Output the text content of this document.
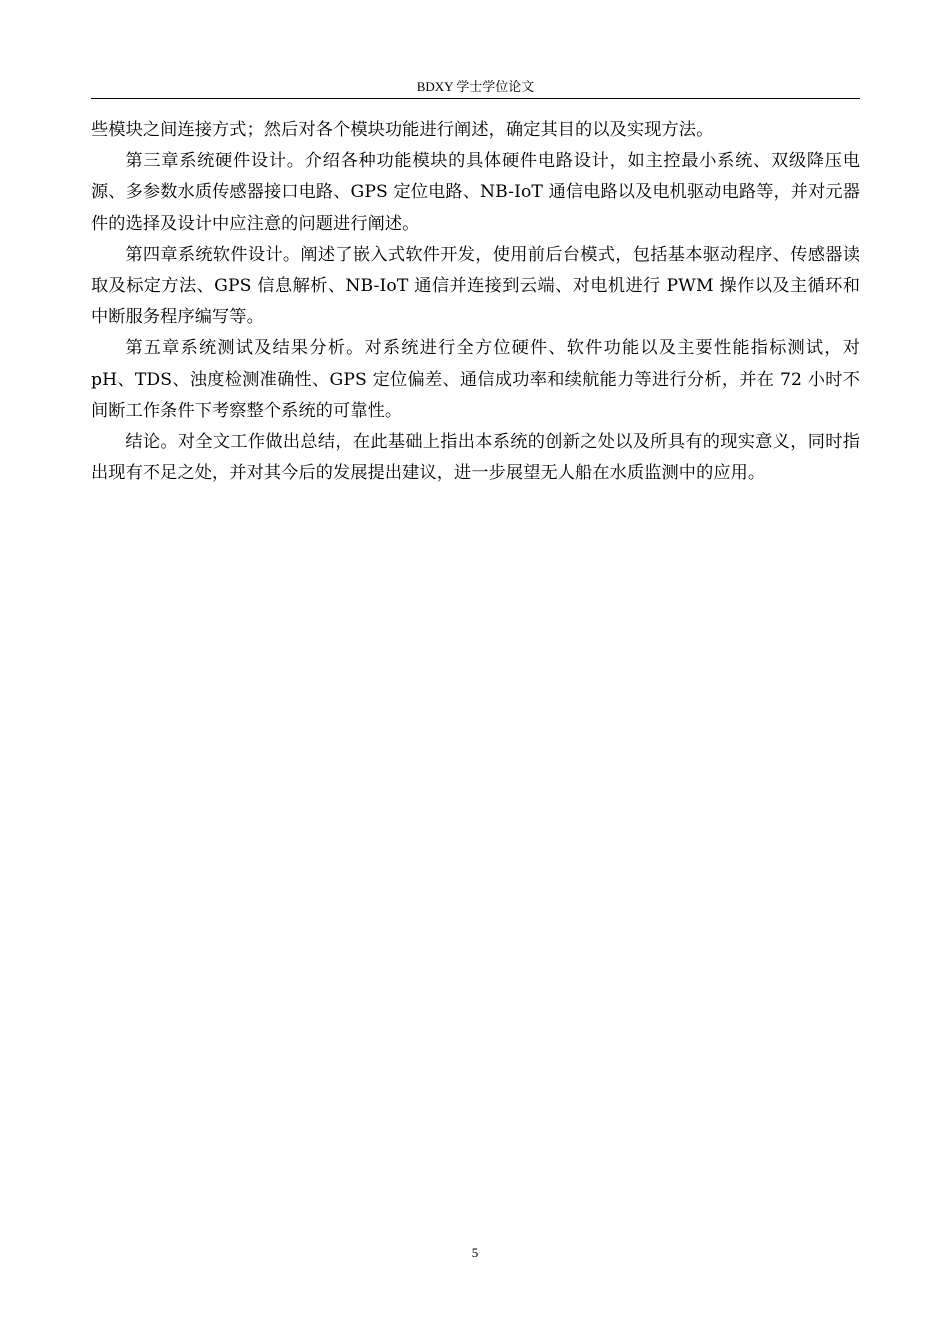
BDXY 学士学位论文

些模块之间连接方式；然后对各个模块功能进行阐述，确定其目的以及实现方法。

第三章系统硬件设计。介绍各种功能模块的具体硬件电路设计，如主控最小系统、双级降压电源、多参数水质传感器接口电路、GPS 定位电路、NB-IoT 通信电路以及电机驱动电路等，并对元器件的选择及设计中应注意的问题进行阐述。

第四章系统软件设计。阐述了嵌入式软件开发，使用前后台模式，包括基本驱动程序、传感器读取及标定方法、GPS 信息解析、NB-IoT 通信并连接到云端、对电机进行 PWM 操作以及主循环和中断服务程序编写等。

第五章系统测试及结果分析。对系统进行全方位硬件、软件功能以及主要性能指标测试，对 pH、TDS、浊度检测准确性、GPS 定位偏差、通信成功率和续航能力等进行分析，并在 72 小时不间断工作条件下考察整个系统的可靠性。

结论。对全文工作做出总结，在此基础上指出本系统的创新之处以及所具有的现实意义，同时指出现有不足之处，并对其今后的发展提出建议，进一步展望无人船在水质监测中的应用。

5
